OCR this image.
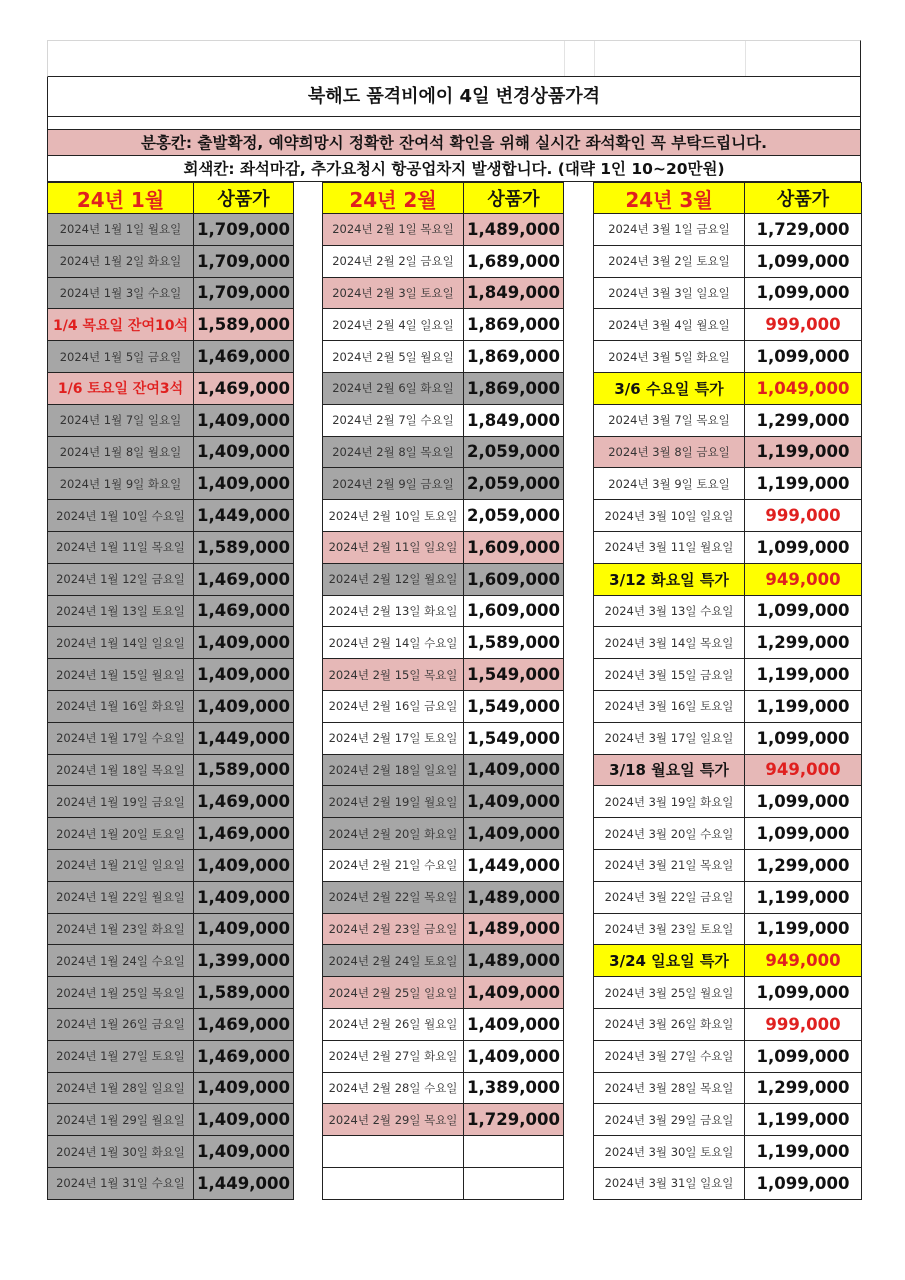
북해도 품격비에이 4일 변경상품가격
분홍칸: 출발확정, 예약희망시 정확한 잔여석 확인을 위해 실시간 좌석확인 꼭 부탁드립니다.
회색칸: 좌석마감, 추가요청시 항공업차지 발생합니다. (대략 1인 10~20만원)
24년 1월	상품가		24년 2월	상품가		24년 3월	상품가
2024년 1월 1일 월요일	1,709,000		2024년 2월 1일 목요일	1,489,000		2024년 3월 1일 금요일	1,729,000
2024년 1월 2일 화요일	1,709,000		2024년 2월 2일 금요일	1,689,000		2024년 3월 2일 토요일	1,099,000
2024년 1월 3일 수요일	1,709,000		2024년 2월 3일 토요일	1,849,000		2024년 3월 3일 일요일	1,099,000
1/4 목요일 잔여10석	1,589,000		2024년 2월 4일 일요일	1,869,000		2024년 3월 4일 월요일	999,000
2024년 1월 5일 금요일	1,469,000		2024년 2월 5일 월요일	1,869,000		2024년 3월 5일 화요일	1,099,000
1/6 토요일 잔여3석	1,469,000		2024년 2월 6일 화요일	1,869,000		3/6 수요일 특가	1,049,000
2024년 1월 7일 일요일	1,409,000		2024년 2월 7일 수요일	1,849,000		2024년 3월 7일 목요일	1,299,000
2024년 1월 8일 월요일	1,409,000		2024년 2월 8일 목요일	2,059,000		2024년 3월 8일 금요일	1,199,000
2024년 1월 9일 화요일	1,409,000		2024년 2월 9일 금요일	2,059,000		2024년 3월 9일 토요일	1,199,000
2024년 1월 10일 수요일	1,449,000		2024년 2월 10일 토요일	2,059,000		2024년 3월 10일 일요일	999,000
2024년 1월 11일 목요일	1,589,000		2024년 2월 11일 일요일	1,609,000		2024년 3월 11일 월요일	1,099,000
2024년 1월 12일 금요일	1,469,000		2024년 2월 12일 월요일	1,609,000		3/12 화요일 특가	949,000
2024년 1월 13일 토요일	1,469,000		2024년 2월 13일 화요일	1,609,000		2024년 3월 13일 수요일	1,099,000
2024년 1월 14일 일요일	1,409,000		2024년 2월 14일 수요일	1,589,000		2024년 3월 14일 목요일	1,299,000
2024년 1월 15일 월요일	1,409,000		2024년 2월 15일 목요일	1,549,000		2024년 3월 15일 금요일	1,199,000
2024년 1월 16일 화요일	1,409,000		2024년 2월 16일 금요일	1,549,000		2024년 3월 16일 토요일	1,199,000
2024년 1월 17일 수요일	1,449,000		2024년 2월 17일 토요일	1,549,000		2024년 3월 17일 일요일	1,099,000
2024년 1월 18일 목요일	1,589,000		2024년 2월 18일 일요일	1,409,000		3/18 월요일 특가	949,000
2024년 1월 19일 금요일	1,469,000		2024년 2월 19일 월요일	1,409,000		2024년 3월 19일 화요일	1,099,000
2024년 1월 20일 토요일	1,469,000		2024년 2월 20일 화요일	1,409,000		2024년 3월 20일 수요일	1,099,000
2024년 1월 21일 일요일	1,409,000		2024년 2월 21일 수요일	1,449,000		2024년 3월 21일 목요일	1,299,000
2024년 1월 22일 월요일	1,409,000		2024년 2월 22일 목요일	1,489,000		2024년 3월 22일 금요일	1,199,000
2024년 1월 23일 화요일	1,409,000		2024년 2월 23일 금요일	1,489,000		2024년 3월 23일 토요일	1,199,000
2024년 1월 24일 수요일	1,399,000		2024년 2월 24일 토요일	1,489,000		3/24 일요일 특가	949,000
2024년 1월 25일 목요일	1,589,000		2024년 2월 25일 일요일	1,409,000		2024년 3월 25일 월요일	1,099,000
2024년 1월 26일 금요일	1,469,000		2024년 2월 26일 월요일	1,409,000		2024년 3월 26일 화요일	999,000
2024년 1월 27일 토요일	1,469,000		2024년 2월 27일 화요일	1,409,000		2024년 3월 27일 수요일	1,099,000
2024년 1월 28일 일요일	1,409,000		2024년 2월 28일 수요일	1,389,000		2024년 3월 28일 목요일	1,299,000
2024년 1월 29일 월요일	1,409,000		2024년 2월 29일 목요일	1,729,000		2024년 3월 29일 금요일	1,199,000
2024년 1월 30일 화요일	1,409,000					2024년 3월 30일 토요일	1,199,000
2024년 1월 31일 수요일	1,449,000					2024년 3월 31일 일요일	1,099,000
